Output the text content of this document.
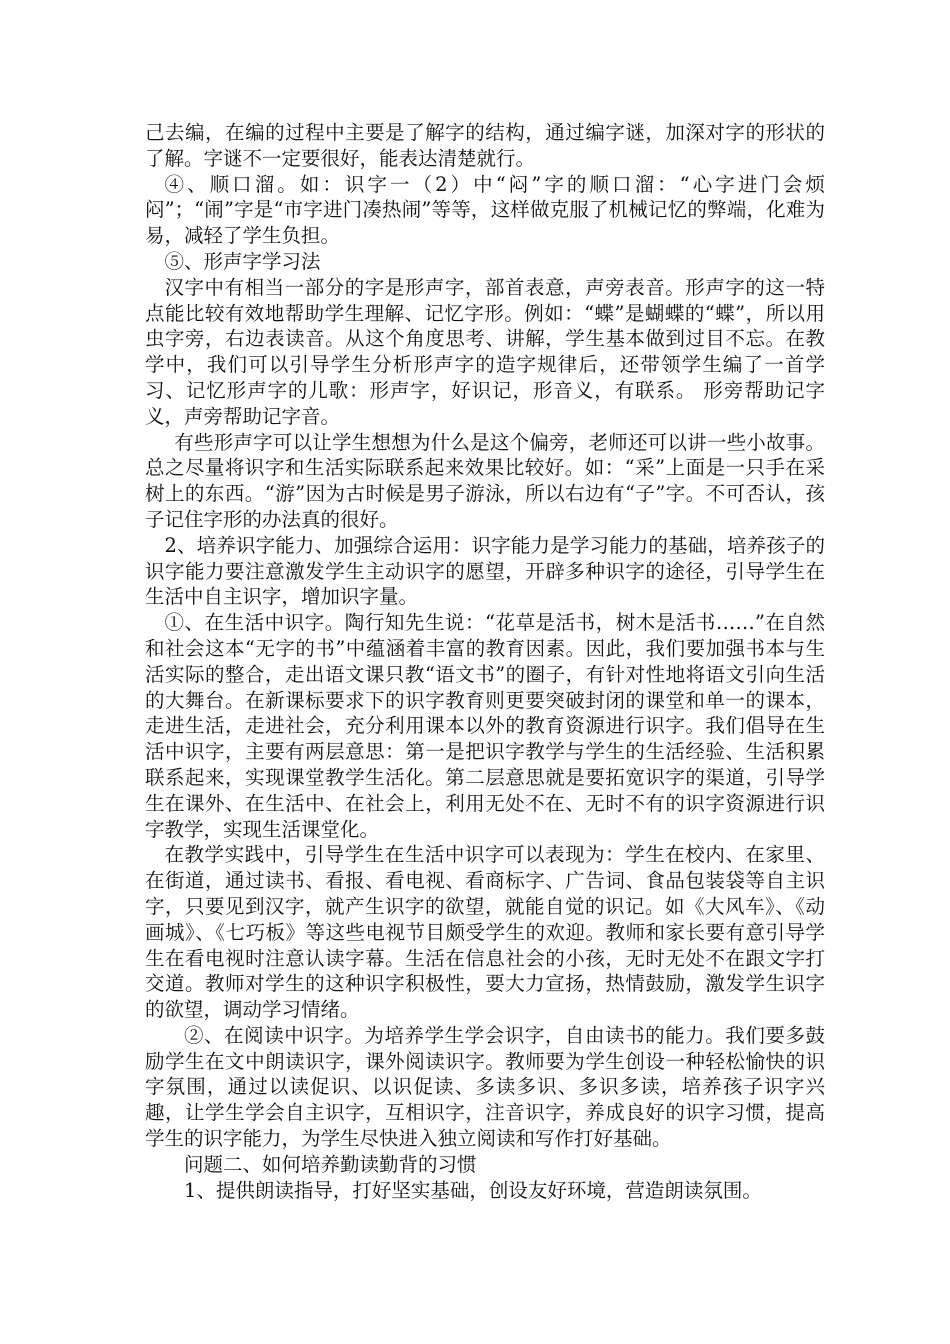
己去编，在编的过程中主要是了解字的结构，通过编字谜，加深对字的形状的了解。字谜不一定要很好，能表达清楚就行。

④、顺口溜。如：识字一（2）中“闷”字的顺口溜：“心字进门会烦闷”；“闹”字是“市字进门凑热闹”等等，这样做克服了机械记忆的弊端，化难为易，减轻了学生负担。

⑤、形声字学习法

汉字中有相当一部分的字是形声字，部首表意，声旁表音。形声字的这一特点能比较有效地帮助学生理解、记忆字形。例如：“蝶”是蝴蝶的“蝶”，所以用虫字旁，右边表读音。从这个角度思考、讲解，学生基本做到过目不忘。在教学中，我们可以引导学生分析形声字的造字规律后，还带领学生编了一首学习、记忆形声字的儿歌：形声字，好识记，形音义，有联系。 形旁帮助记字义，声旁帮助记字音。

有些形声字可以让学生想想为什么是这个偏旁，老师还可以讲一些小故事。总之尽量将识字和生活实际联系起来效果比较好。如：“采”上面是一只手在采树上的东西。“游”因为古时候是男子游泳，所以右边有“子”字。不可否认，孩子记住字形的办法真的很好。

2、培养识字能力、加强综合运用：识字能力是学习能力的基础，培养孩子的识字能力要注意激发学生主动识字的愿望，开辟多种识字的途径，引导学生在生活中自主识字，增加识字量。

①、在生活中识字。陶行知先生说：“花草是活书，树木是活书……”在自然和社会这本“无字的书”中蕴涵着丰富的教育因素。因此，我们要加强书本与生活实际的整合，走出语文课只教“语文书”的圈子，有针对性地将语文引向生活的大舞台。在新课标要求下的识字教育则更要突破封闭的课堂和单一的课本，走进生活，走进社会，充分利用课本以外的教育资源进行识字。我们倡导在生活中识字，主要有两层意思：第一是把识字教学与学生的生活经验、生活积累联系起来，实现课堂教学生活化。第二层意思就是要拓宽识字的渠道，引导学生在课外、在生活中、在社会上，利用无处不在、无时不有的识字资源进行识字教学，实现生活课堂化。

在教学实践中，引导学生在生活中识字可以表现为：学生在校内、在家里、在街道，通过读书、看报、看电视、看商标字、广告词、食品包装袋等自主识字，只要见到汉字，就产生识字的欲望，就能自觉的识记。如《大风车》、《动画城》、《七巧板》等这些电视节目颇受学生的欢迎。教师和家长要有意引导学生在看电视时注意认读字幕。生活在信息社会的小孩，无时无处不在跟文字打交道。教师对学生的这种识字积极性，要大力宣扬，热情鼓励，激发学生识字的欲望，调动学习情绪。

②、在阅读中识字。为培养学生学会识字，自由读书的能力。我们要多鼓励学生在文中朗读识字，课外阅读识字。教师要为学生创设一种轻松愉快的识字氛围，通过以读促识、以识促读、多读多识、多识多读，培养孩子识字兴趣，让学生学会自主识字，互相识字，注音识字，养成良好的识字习惯，提高学生的识字能力，为学生尽快进入独立阅读和写作打好基础。

问题二、如何培养勤读勤背的习惯

1、提供朗读指导，打好坚实基础，创设友好环境，营造朗读氛围。
